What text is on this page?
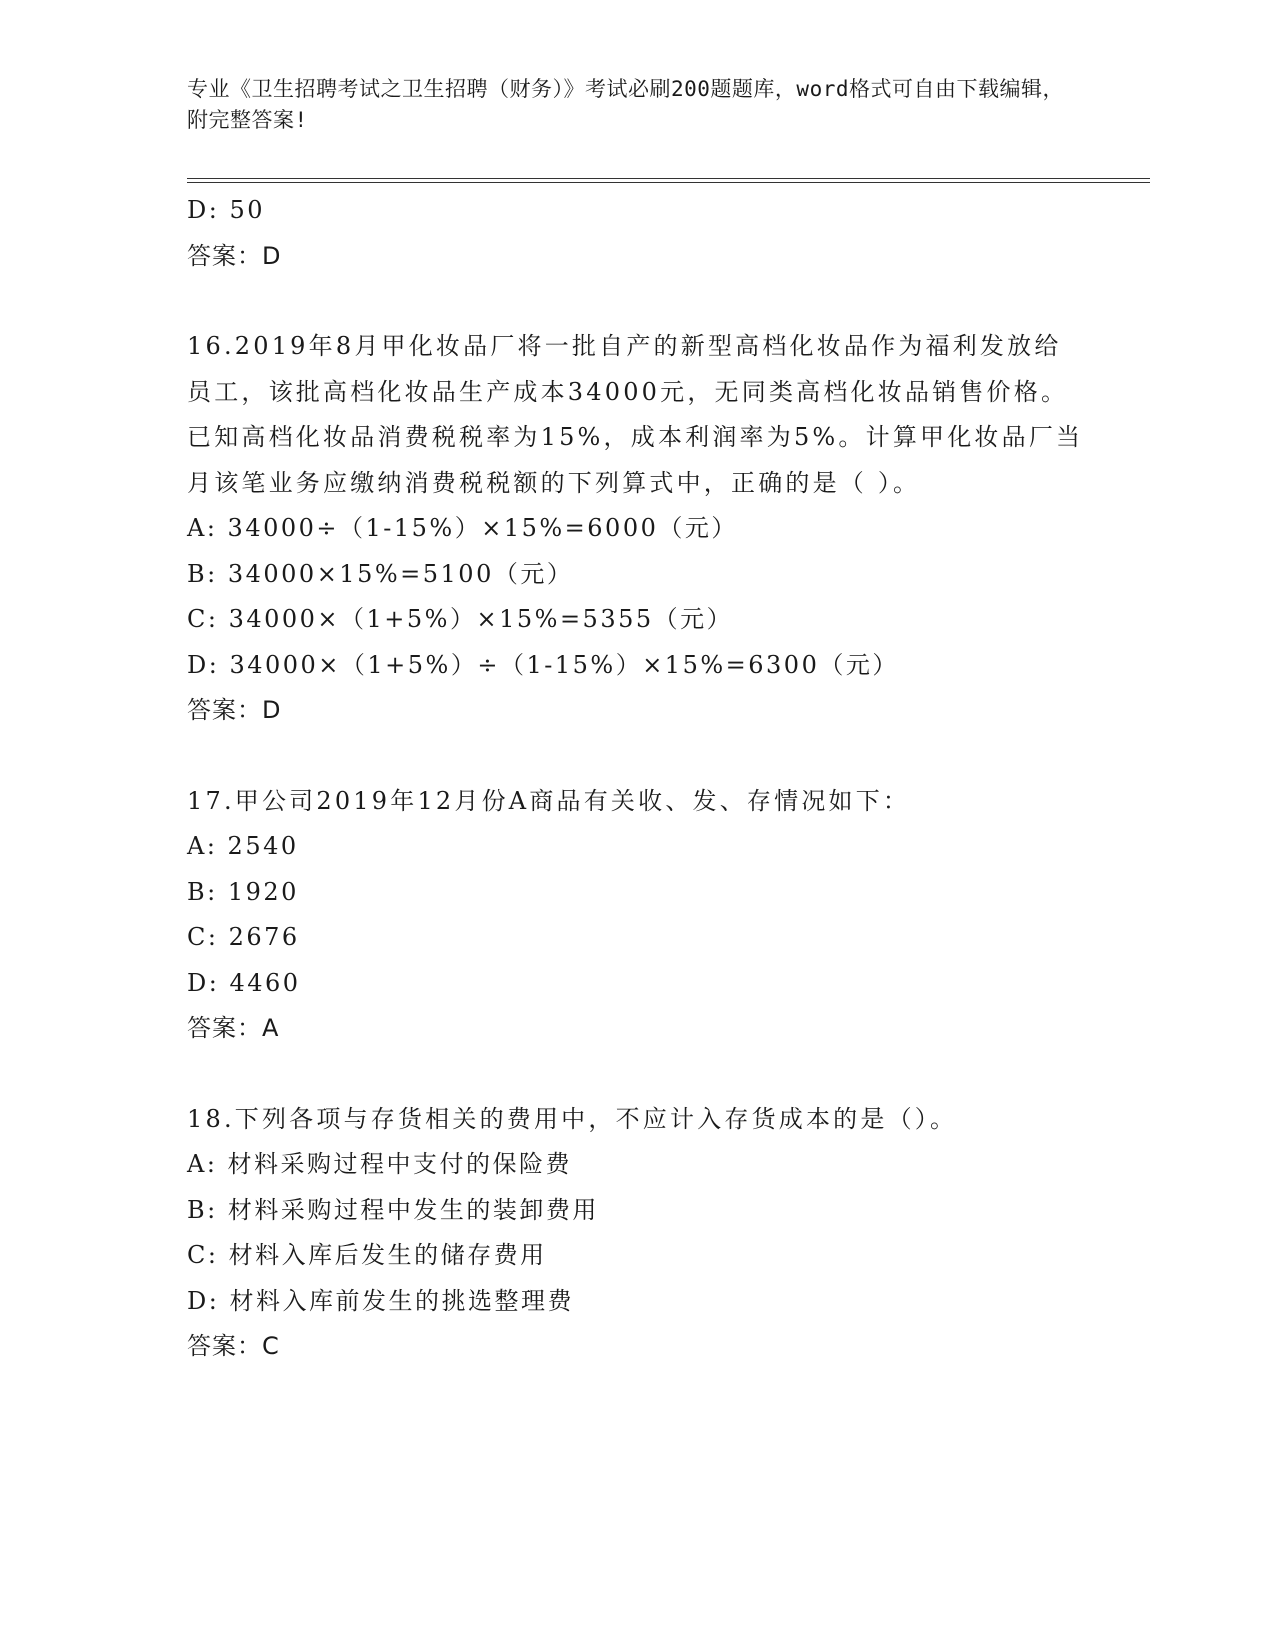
专业《卫生招聘考试之卫生招聘（财务）》考试必刷200题题库，word格式可自由下载编辑，附完整答案!
D: 50
答案：D
16.2019年8月甲化妆品厂将一批自产的新型高档化妆品作为福利发放给员工，该批高档化妆品生产成本34000元，无同类高档化妆品销售价格。已知高档化妆品消费税税率为15%，成本利润率为5%。计算甲化妆品厂当月该笔业务应缴纳消费税税额的下列算式中，正确的是（ ）。
A: 34000÷（1-15%）×15%=6000（元）
B: 34000×15%=5100（元）
C: 34000×（1+5%）×15%=5355（元）
D: 34000×（1+5%）÷（1-15%）×15%=6300（元）
答案：D
17.甲公司2019年12月份A商品有关收、发、存情况如下：
A: 2540
B: 1920
C: 2676
D: 4460
答案：A
18.下列各项与存货相关的费用中，不应计入存货成本的是（）。
A: 材料采购过程中支付的保险费
B: 材料采购过程中发生的装卸费用
C: 材料入库后发生的储存费用
D: 材料入库前发生的挑选整理费
答案：C
